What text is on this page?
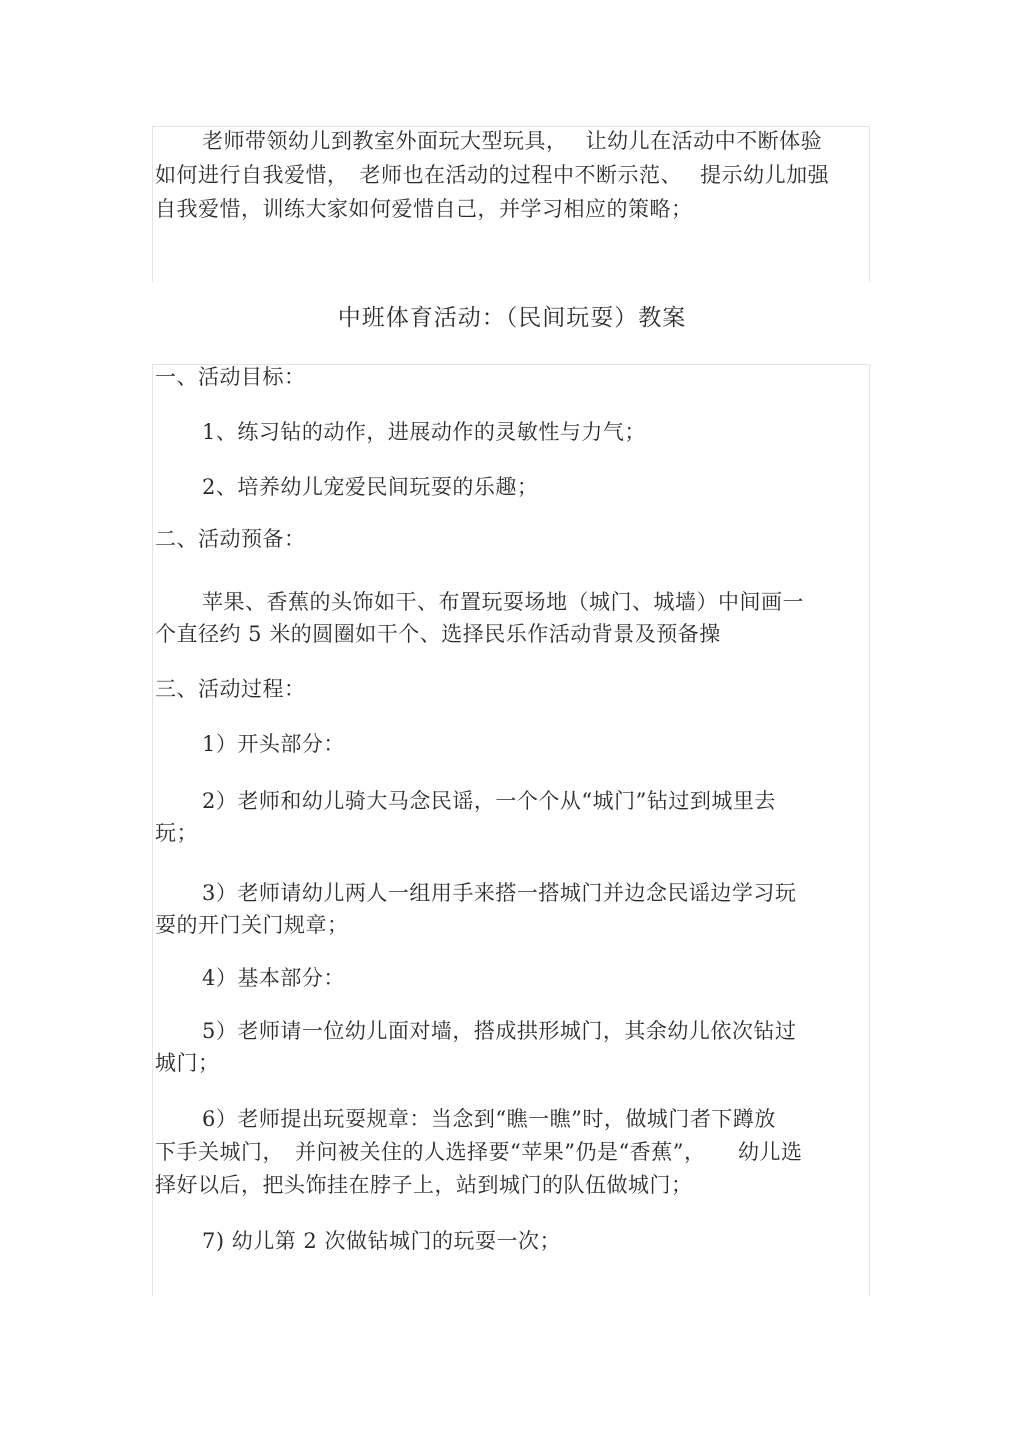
老师带领幼儿到教室外面玩大型玩具，　 让幼儿在活动中不断体验
如何进行自我爱惜，　老师也在活动的过程中不断示范、　 提示幼儿加强
自我爱惜，训练大家如何爱惜自己，并学习相应的策略；
中班体育活动：（民间玩耍）教案
一、活动目标：
1、练习钻的动作，进展动作的灵敏性与力气；
2、培养幼儿宠爱民间玩耍的乐趣；
二、活动预备：
苹果、香蕉的头饰如干、布置玩耍场地（城门、城墙）中间画一
个直径约 5 米的圆圈如干个、选择民乐作活动背景及预备操
三、活动过程：
1）开头部分：
2）老师和幼儿骑大马念民谣，一个个从“城门”钻过到城里去
玩；
3）老师请幼儿两人一组用手来搭一搭城门并边念民谣边学习玩
耍的开门关门规章；
4）基本部分：
5）老师请一位幼儿面对墙，搭成拱形城门，其余幼儿依次钻过
城门；
6）老师提出玩耍规章：当念到“瞧一瞧”时，做城门者下蹲放
下手关城门，　并问被关住的人选择要“苹果”仍是“香蕉”，　　幼儿选
择好以后，把头饰挂在脖子上，站到城门的队伍做城门；
7) 幼儿第 2 次做钻城门的玩耍一次；
